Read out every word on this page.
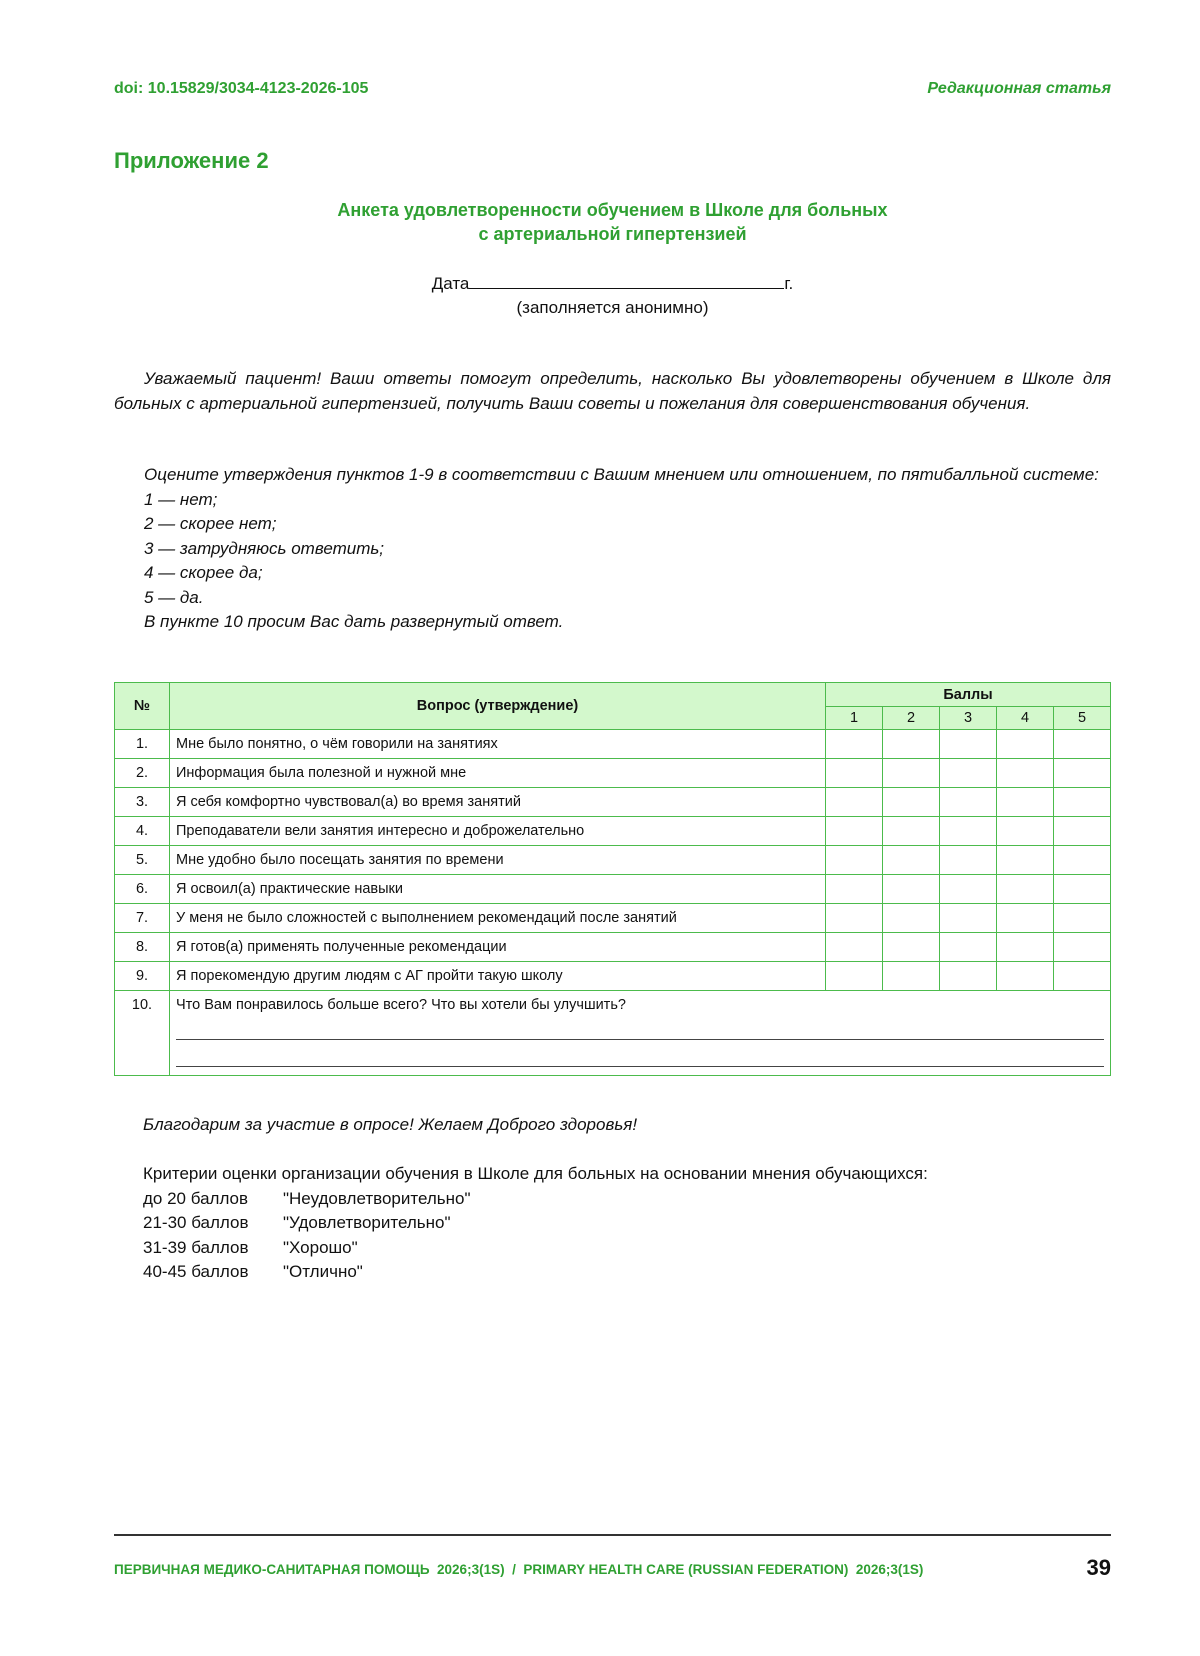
doi: 10.15829/3034-4123-2026-105	Редакционная статья
Приложение 2
Анкета удовлетворенности обучением в Школе для больных
с артериальной гипертензией
Дата	г.
(заполняется анонимно)

Уважаемый пациент! Ваши ответы помогут определить, насколько Вы удовлетворены обучением в Школе для больных с артериальной гипертензией, получить Ваши советы и пожелания для совершенствования обучения.

Оцените утверждения пунктов 1-9 в соответствии с Вашим мнением или отношением, по пятибалльной системе:

1 — нет;
2 — скорее нет;
3 — затрудняюсь ответить;
4 — скорее да;
5 — да.
В пункте 10 просим Вас дать развернутый ответ.
№	Вопрос (утверждение)	Баллы				
		1	2	3	4	5
1.	Мне было понятно, о чём говорили на занятиях					
2.	Информация была полезной и нужной мне					
3.	Я себя комфортно чувствовал(а) во время занятий					
4.	Преподаватели вели занятия интересно и доброжелательно					
5.	Мне удобно было посещать занятия по времени					
6.	Я освоил(а) практические навыки					
7.	У меня не было сложностей с выполнением рекомендаций после занятий					
8.	Я готов(а) применять полученные рекомендации					
9.	Я порекомендую другим людям с АГ пройти такую школу					
10.	Что Вам понравилось больше всего? Что вы хотели бы улучшить?					
Благодарим за участие в опросе! Желаем Доброго здоровья!
Критерии оценки организации обучения в Школе для больных на основании мнения обучающихся:
до 20 баллов "Неудовлетворительно"
21-30 баллов "Удовлетворительно"
31-39 баллов "Хорошо"
40-45 баллов "Отлично"
ПЕРВИЧНАЯ МЕДИКО-САНИТАРНАЯ ПОМОЩЬ  2026;3(1S)  /  PRIMARY HEALTH CARE (RUSSIAN FEDERATION)  2026;3(1S)	39
